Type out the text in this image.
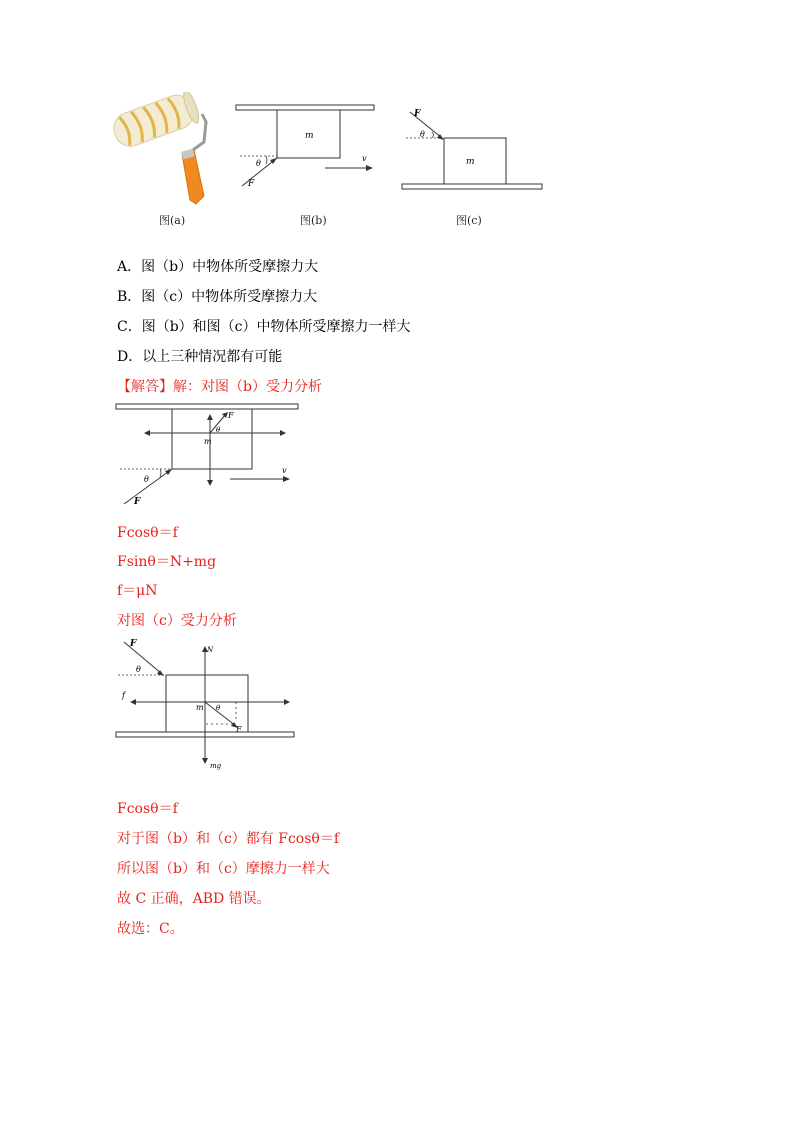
图(a)
m
θ
F
v
图(b)
F
θ
m
图(c)
A．图（b）中物体所受摩擦力大
B．图（c）中物体所受摩擦力大
C．图（b）和图（c）中物体所受摩擦力一样大
D．以上三种情况都有可能
【解答】解：对图（b）受力分析
F
θ
m
θ
F
v
Fcosθ＝f
Fsinθ＝N+mg
f＝μN
对图（c）受力分析
F
θ
N
mg
f
F
θ
m
Fcosθ＝f
对于图（b）和（c）都有 Fcosθ＝f
所以图（b）和（c）摩擦力一样大
故 C 正确，ABD 错误。
故选：C。
